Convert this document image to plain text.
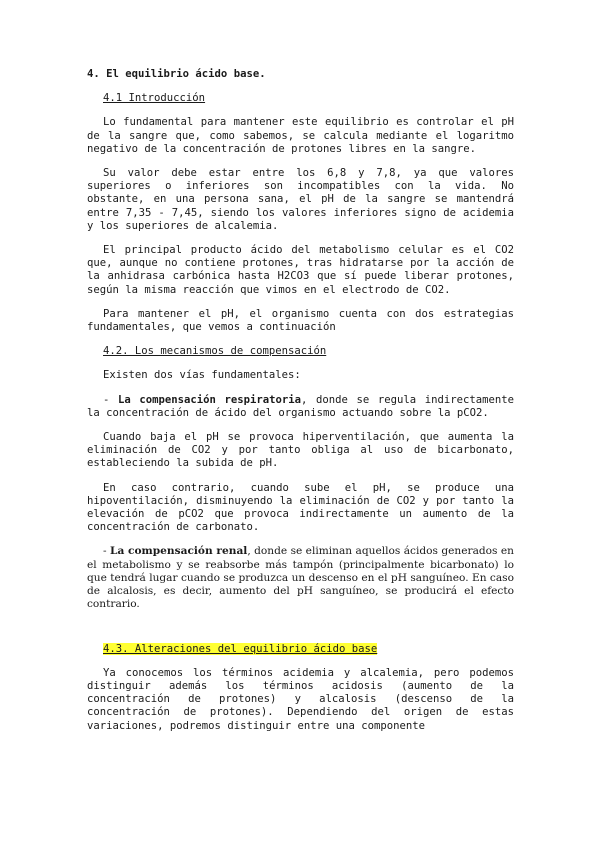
4. El equilibrio ácido base.
4.1 Introducción

Lo fundamental para mantener este equilibrio es controlar el pH de la sangre que, como sabemos, se calcula mediante el logaritmo negativo de la concentración de protones libres en la sangre.

Su valor debe estar entre los 6,8 y 7,8, ya que valores superiores o inferiores son incompatibles con la vida. No obstante, en una persona sana, el pH de la sangre se mantendrá entre 7,35 - 7,45, siendo los valores inferiores signo de acidemia y los superiores de alcalemia.

El principal producto ácido del metabolismo celular es el CO2 que, aunque no contiene protones, tras hidratarse por la acción de la anhidrasa carbónica hasta H2CO3 que sí puede liberar protones, según la misma reacción que vimos en el electrodo de CO2.

Para mantener el pH, el organismo cuenta con dos estrategias fundamentales, que vemos a continuación

4.2. Los mecanismos de compensación

Existen dos vías fundamentales:

- La compensación respiratoria, donde se regula indirectamente la concentración de ácido del organismo actuando sobre la pCO2.

Cuando baja el pH se provoca hiperventilación, que aumenta la eliminación de CO2 y por tanto obliga al uso de bicarbonato, estableciendo la subida de pH.

En caso contrario, cuando sube el pH, se produce una hipoventilación, disminuyendo la eliminación de CO2 y por tanto la elevación de pCO2 que provoca indirectamente un aumento de la concentración de carbonato.

- La compensación renal, donde se eliminan aquellos ácidos generados en el metabolismo y se reabsorbe más tampón (principalmente bicarbonato) lo que tendrá lugar cuando se produzca un descenso en el pH sanguíneo. En caso de alcalosis, es decir, aumento del pH sanguíneo, se producirá el efecto contrario.

4.3. Alteraciones del equilibrio ácido base

Ya conocemos los términos acidemia y alcalemia, pero podemos distinguir además los términos acidosis (aumento de la concentración de protones) y alcalosis (descenso de la concentración de protones). Dependiendo del origen de estas variaciones, podremos distinguir entre una componente
